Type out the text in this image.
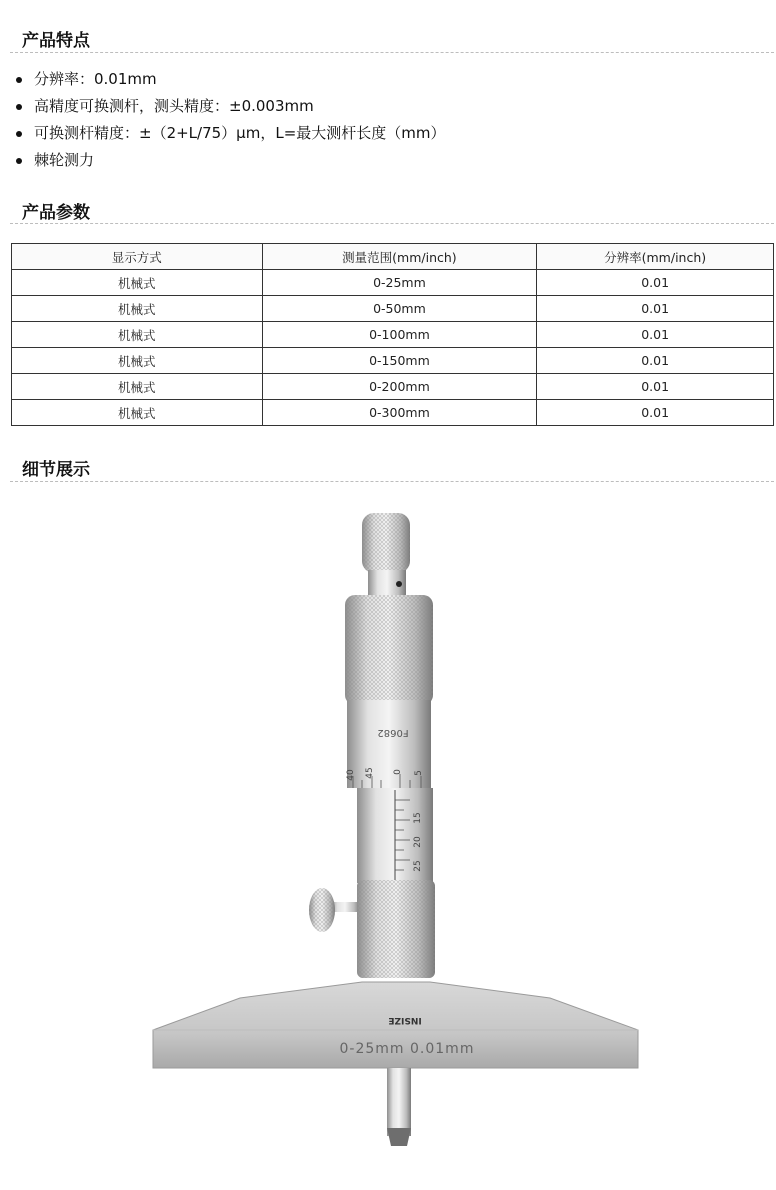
产品特点
分辨率：0.01mm
高精度可换测杆，测头精度：±0.003mm
可换测杆精度：±（2+L/75）μm，L=最大测杆长度（mm）
棘轮测力
产品参数
显示方式	测量范围(mm/inch)	分辨率(mm/inch)
机械式	0-25mm	0.01
机械式	0-50mm	0.01
机械式	0-100mm	0.01
机械式	0-150mm	0.01
机械式	0-200mm	0.01
机械式	0-300mm	0.01
细节展示
F0682
40 45 0 5
15
20
25
INSIZE
0-25mm 0.01mm
